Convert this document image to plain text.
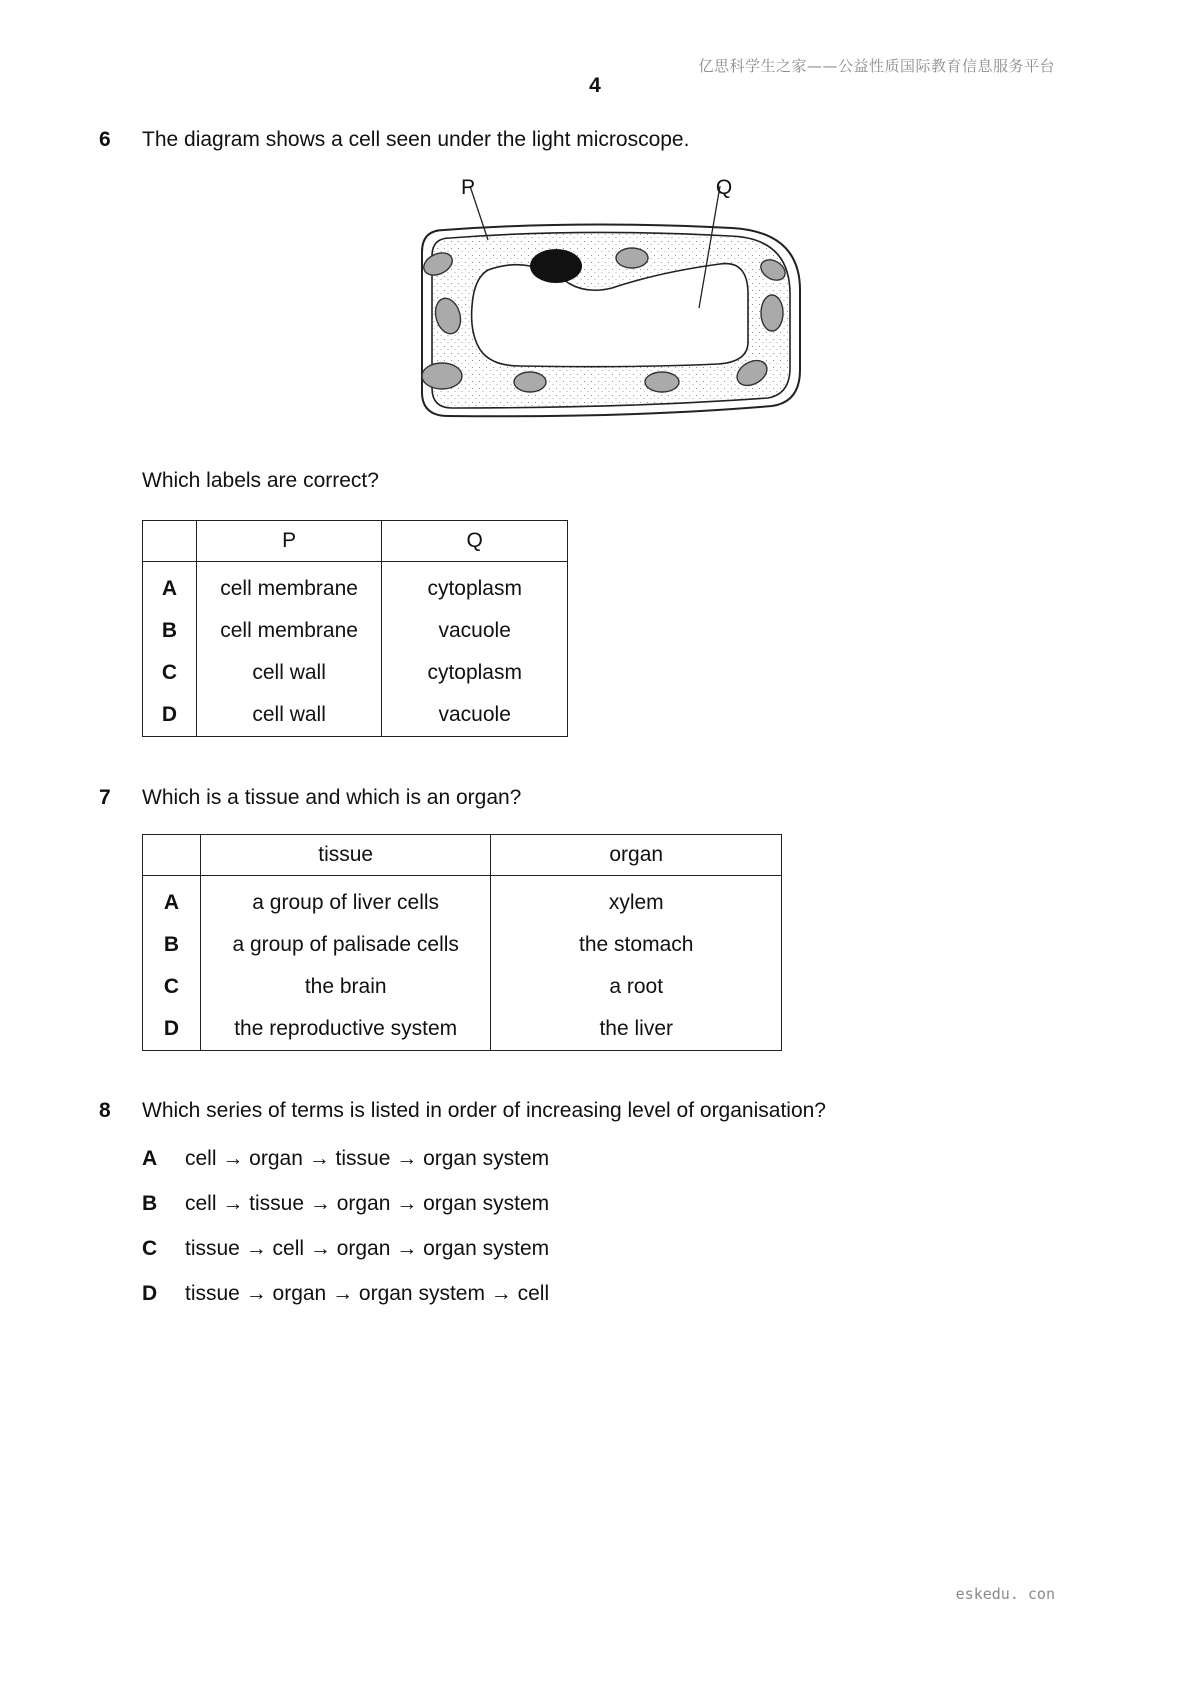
亿思科学生之家——公益性质国际教育信息服务平台
4
6 The diagram shows a cell seen under the light microscope.
P	Q
Which labels are correct?
	P	Q
A	cell membrane	cytoplasm
B	cell membrane	vacuole
C	cell wall	cytoplasm
D	cell wall	vacuole
7 Which is a tissue and which is an organ?
	tissue	organ
A	a group of liver cells	xylem
B	a group of palisade cells	the stomach
C	the brain	a root
D	the reproductive system	the liver
8 Which series of terms is listed in order of increasing level of organisation?
A cell → organ → tissue → organ system
B cell → tissue → organ → organ system
C tissue → cell → organ → organ system
D tissue → organ → organ system → cell
eskedu. con
